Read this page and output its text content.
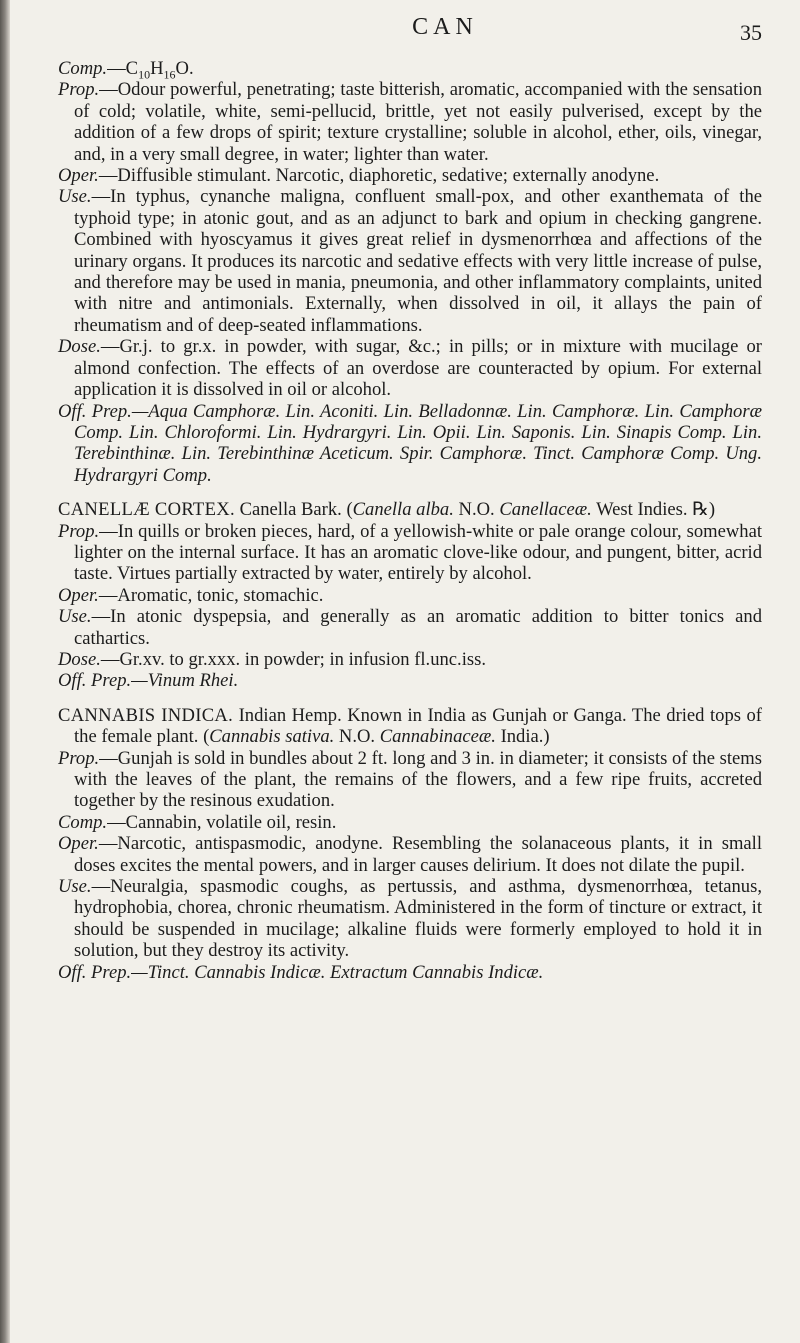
CAN	35

$Comp.—C_{10}H_{16}O$.

Prop.—Odour powerful, penetrating; taste bitterish, aromatic, accompanied with the sensation of cold; volatile, white, semi-pellucid, brittle, yet not easily pulverised, except by the addition of a few drops of spirit; texture crystalline; soluble in alcohol, ether, oils, vinegar, and, in a very small degree, in water; lighter than water.

Oper.—Diffusible stimulant. Narcotic, diaphoretic, sedative; externally anodyne.

Use.—In typhus, cynanche maligna, confluent small-pox, and other exanthemata of the typhoid type; in atonic gout, and as an adjunct to bark and opium in checking gangrene. Combined with hyoscyamus it gives great relief in dysmenorrhœa and affections of the urinary organs. It produces its narcotic and sedative effects with very little increase of pulse, and therefore may be used in mania, pneumonia, and other inflammatory complaints, united with nitre and antimonials. Externally, when dissolved in oil, it allays the pain of rheumatism and of deep-seated inflammations.

Dose.—Gr.j. to gr.x. in powder, with sugar, &c.; in pills; or in mixture with mucilage or almond confection. The effects of an overdose are counteracted by opium. For external application it is dissolved in oil or alcohol.

Off. Prep.—Aqua Camphoræ. Lin. Aconiti. Lin. Belladonnæ. Lin. Camphoræ. Lin. Camphoræ Comp. Lin. Chloroformi. Lin. Hydrargyri. Lin. Opii. Lin. Saponis. Lin. Sinapis Comp. Lin. Terebinthinæ. Lin. Terebinthinæ Aceticum. Spir. Camphoræ. Tinct. Camphoræ Comp. Ung. Hydrargyri Comp.

CANELLÆ CORTEX. Canella Bark. (Canella alba. N.O. Canellaceæ. West Indies. ℞)

Prop.—In quills or broken pieces, hard, of a yellowish-white or pale orange colour, somewhat lighter on the internal surface. It has an aromatic clove-like odour, and pungent, bitter, acrid taste. Virtues partially extracted by water, entirely by alcohol.

Oper.—Aromatic, tonic, stomachic.

Use.—In atonic dyspepsia, and generally as an aromatic addition to bitter tonics and cathartics.

Dose.—Gr.xv. to gr.xxx. in powder; in infusion fl.unc.iss.

Off. Prep.—Vinum Rhei.

CANNABIS INDICA. Indian Hemp. Known in India as Gunjah or Ganga. The dried tops of the female plant. (Cannabis sativa. N.O. Cannabinaceæ. India.)

Prop.—Gunjah is sold in bundles about 2 ft. long and 3 in. in diameter; it consists of the stems with the leaves of the plant, the remains of the flowers, and a few ripe fruits, accreted together by the resinous exudation.

Comp.—Cannabin, volatile oil, resin.

Oper.—Narcotic, antispasmodic, anodyne. Resembling the solanaceous plants, it in small doses excites the mental powers, and in larger causes delirium. It does not dilate the pupil.

Use.—Neuralgia, spasmodic coughs, as pertussis, and asthma, dysmenorrhœa, tetanus, hydrophobia, chorea, chronic rheumatism. Administered in the form of tincture or extract, it should be suspended in mucilage; alkaline fluids were formerly employed to hold it in solution, but they destroy its activity.

Off. Prep.—Tinct. Cannabis Indicæ. Extractum Cannabis Indicæ.
